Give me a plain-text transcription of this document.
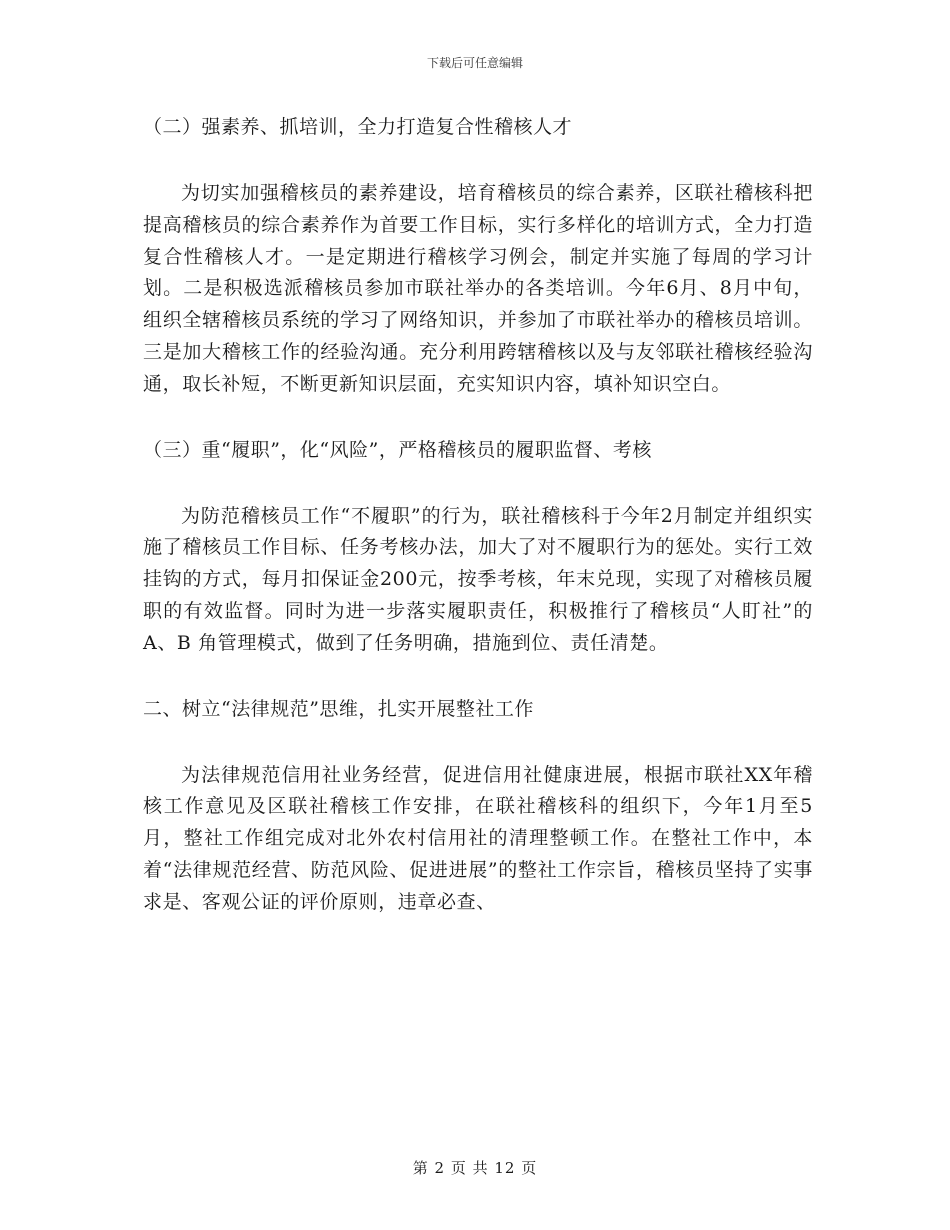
下载后可任意编辑
（二）强素养、抓培训，全力打造复合性稽核人才
为切实加强稽核员的素养建设，培育稽核员的综合素养，区联社稽核科把提高稽核员的综合素养作为首要工作目标，实行多样化的培训方式，全力打造复合性稽核人才。一是定期进行稽核学习例会，制定并实施了每周的学习计划。二是积极选派稽核员参加市联社举办的各类培训。今年6月、8月中旬，组织全辖稽核员系统的学习了网络知识，并参加了市联社举办的稽核员培训。三是加大稽核工作的经验沟通。充分利用跨辖稽核以及与友邻联社稽核经验沟通，取长补短，不断更新知识层面，充实知识内容，填补知识空白。
（三）重“履职”，化“风险”，严格稽核员的履职监督、考核
为防范稽核员工作“不履职”的行为，联社稽核科于今年2月制定并组织实施了稽核员工作目标、任务考核办法，加大了对不履职行为的惩处。实行工效挂钩的方式，每月扣保证金200元，按季考核，年末兑现，实现了对稽核员履职的有效监督。同时为进一步落实履职责任，积极推行了稽核员“人盯社”的A、B 角管理模式，做到了任务明确，措施到位、责任清楚。
二、树立“法律规范”思维，扎实开展整社工作
为法律规范信用社业务经营，促进信用社健康进展，根据市联社XX年稽核工作意见及区联社稽核工作安排，在联社稽核科的组织下，今年1月至5月，整社工作组完成对北外农村信用社的清理整顿工作。在整社工作中，本着“法律规范经营、防范风险、促进进展”的整社工作宗旨，稽核员坚持了实事求是、客观公证的评价原则，违章必查、
第 2 页 共 12 页
